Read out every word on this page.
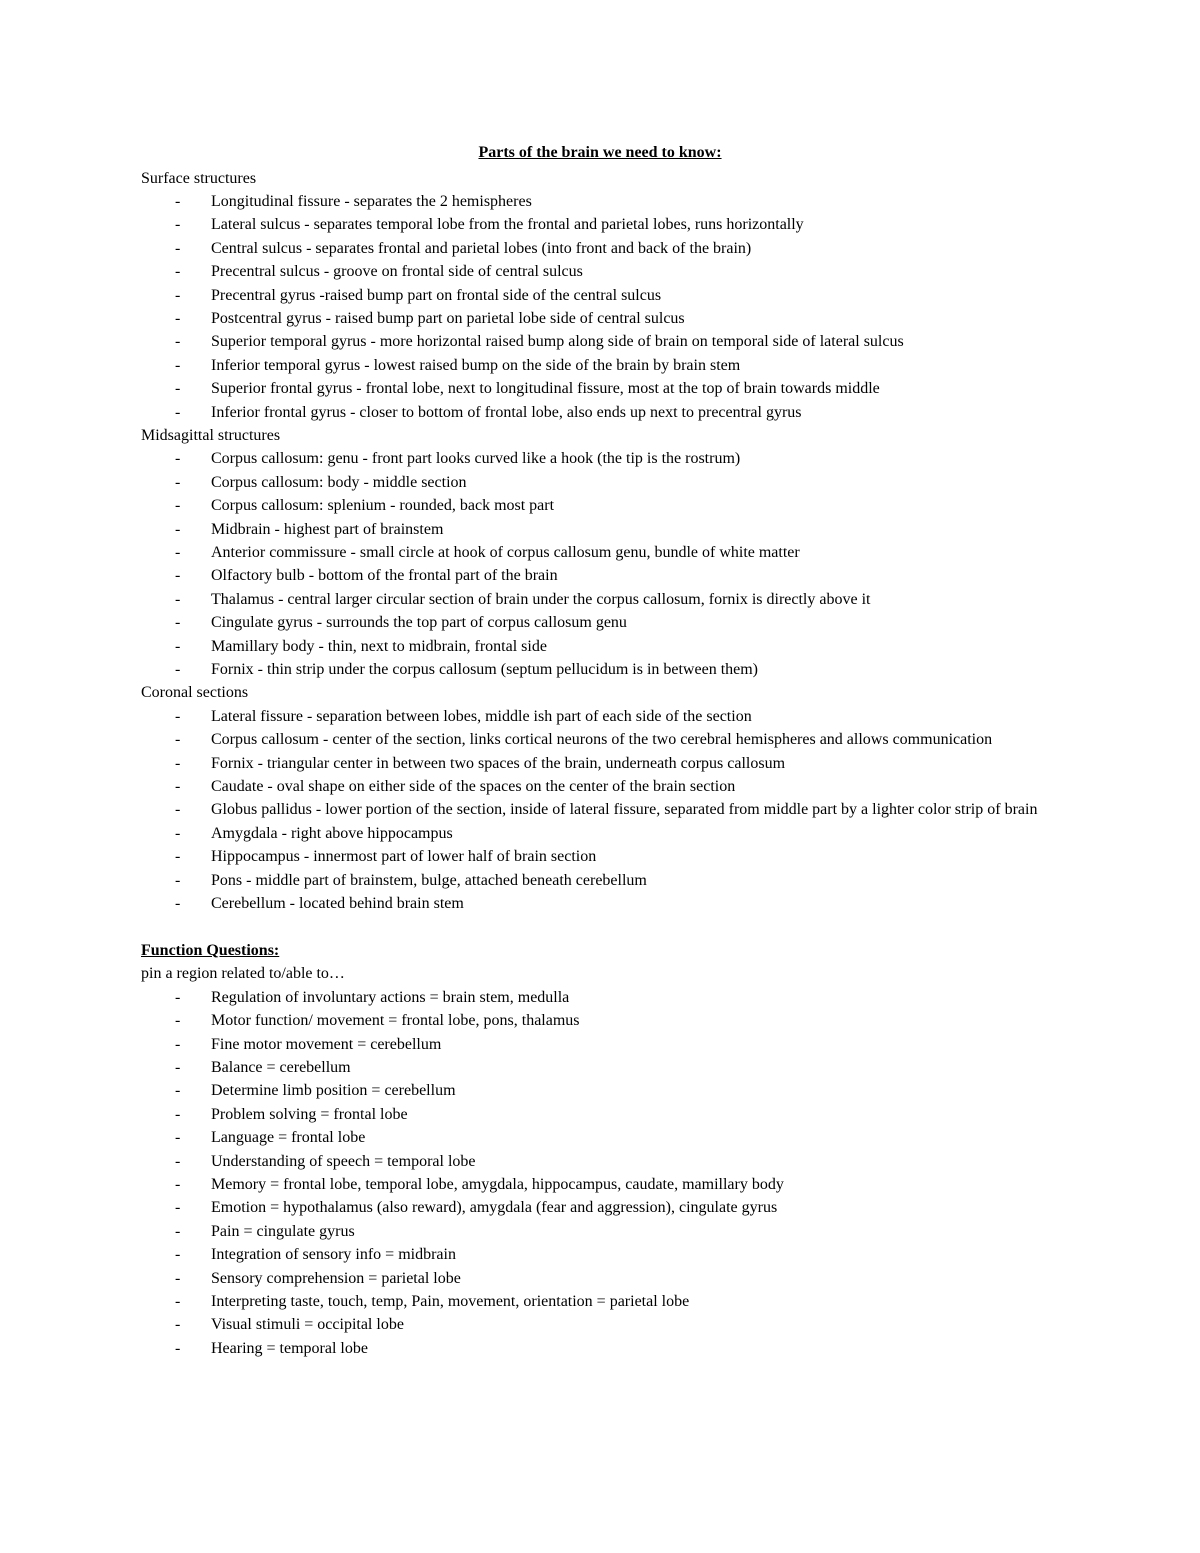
Parts of the brain we need to know:
Surface structures
- Longitudinal fissure - separates the 2 hemispheres
- Lateral sulcus - separates temporal lobe from the frontal and parietal lobes, runs horizontally
- Central sulcus - separates frontal and parietal lobes (into front and back of the brain)
- Precentral sulcus - groove on frontal side of central sulcus
- Precentral gyrus -raised bump part on frontal side of the central sulcus
- Postcentral gyrus - raised bump part on parietal lobe side of central sulcus
- Superior temporal gyrus - more horizontal raised bump along side of brain on temporal side of lateral sulcus
- Inferior temporal gyrus - lowest raised bump on the side of the brain by brain stem
- Superior frontal gyrus - frontal lobe, next to longitudinal fissure, most at the top of brain towards middle
- Inferior frontal gyrus - closer to bottom of frontal lobe, also ends up next to precentral gyrus
Midsagittal structures
- Corpus callosum: genu - front part looks curved like a hook (the tip is the rostrum)
- Corpus callosum: body - middle section
- Corpus callosum: splenium - rounded, back most part
- Midbrain - highest part of brainstem
- Anterior commissure - small circle at hook of corpus callosum genu, bundle of white matter
- Olfactory bulb - bottom of the frontal part of the brain
- Thalamus - central larger circular section of brain under the corpus callosum, fornix is directly above it
- Cingulate gyrus - surrounds the top part of corpus callosum genu
- Mamillary body - thin, next to midbrain, frontal side
- Fornix - thin strip under the corpus callosum (septum pellucidum is in between them)
Coronal sections
- Lateral fissure - separation between lobes, middle ish part of each side of the section
- Corpus callosum - center of the section, links cortical neurons of the two cerebral hemispheres and allows communication
- Fornix - triangular center in between two spaces of the brain, underneath corpus callosum
- Caudate - oval shape on either side of the spaces on the center of the brain section
- Globus pallidus - lower portion of the section, inside of lateral fissure, separated from middle part by a lighter color strip of brain
- Amygdala - right above hippocampus
- Hippocampus - innermost part of lower half of brain section
- Pons - middle part of brainstem, bulge, attached beneath cerebellum
- Cerebellum - located behind brain stem
Function Questions:
pin a region related to/able to…
- Regulation of involuntary actions = brain stem, medulla
- Motor function/ movement = frontal lobe, pons, thalamus
- Fine motor movement = cerebellum
- Balance = cerebellum
- Determine limb position = cerebellum
- Problem solving = frontal lobe
- Language = frontal lobe
- Understanding of speech = temporal lobe
- Memory = frontal lobe, temporal lobe, amygdala, hippocampus, caudate, mamillary body
- Emotion = hypothalamus (also reward), amygdala (fear and aggression), cingulate gyrus
- Pain = cingulate gyrus
- Integration of sensory info = midbrain
- Sensory comprehension = parietal lobe
- Interpreting taste, touch, temp, Pain, movement, orientation = parietal lobe
- Visual stimuli = occipital lobe
- Hearing = temporal lobe
